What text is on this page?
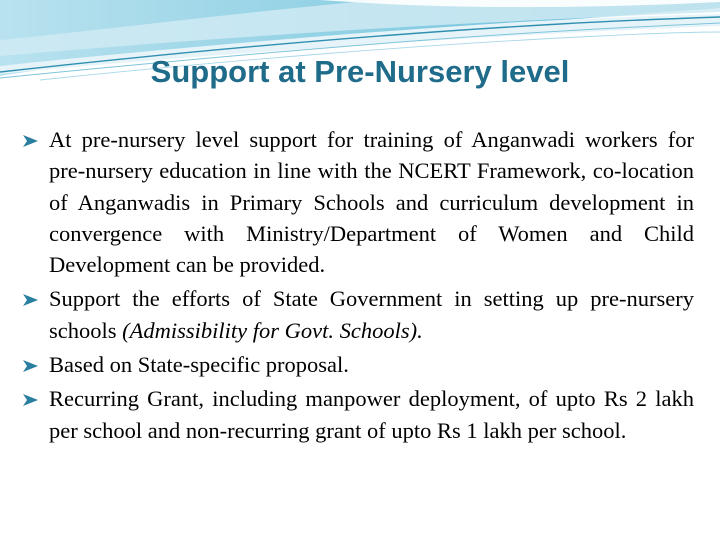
Support at Pre-Nursery level
At pre-nursery level support for training of Anganwadi workers for pre-nursery education in line with the NCERT Framework, co-location of Anganwadis in Primary Schools and curriculum development in convergence with Ministry/Department of Women and Child Development can be provided.
Support the efforts of State Government in setting up pre-nursery schools (Admissibility for Govt. Schools).
Based on State-specific proposal.
Recurring Grant, including manpower deployment, of upto Rs 2 lakh per school and non-recurring grant of upto Rs 1 lakh per school.
